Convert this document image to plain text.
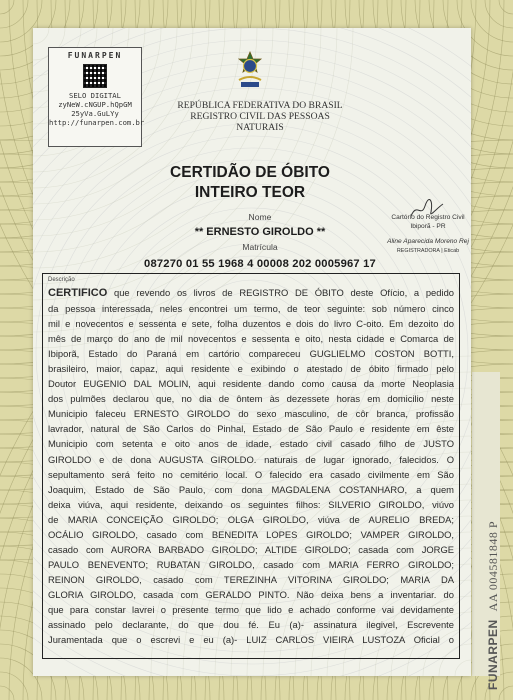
FUNARPEN
SELO DIGITAL
zyNeW.cNGUP.hQpGM
25yVa.GuLYy
http://funarpen.com.br
REPÚBLICA FEDERATIVA DO BRASIL
REGISTRO CIVIL DAS PESSOAS NATURAIS
CERTIDÃO DE ÓBITO
INTEIRO TEOR
Nome
** ERNESTO GIROLDO **
Matrícula
087270 01 55 1968 4 00008 202 0005967 17
Cartório do Registro Civil
Ibiporã - PR
Aline Aparecida Moreno Rej
REGISTRADORA | Eticab
Descrição
CERTIFICO que revendo os livros de REGISTRO DE ÓBITO deste Ofício, a pedido
da pessoa interessada, neles encontrei um termo, de teor seguinte: sob número cinco
mil e novecentos e sessenta e sete, folha duzentos e dois do livro C-oito. Em dezoito do
mês de março do ano de mil novecentos e sessenta e oito, nesta cidade e Comarca de
Ibiporã, Estado do Paraná em cartório compareceu GUGLIELMO COSTON BOTTI,
brasileiro, maior, capaz, aqui residente e exibindo o atestado de óbito firmado pelo
Doutor EUGENIO DAL MOLIN, aqui residente dando como causa da morte Neoplasia
dos pulmões declarou que, no dia de ôntem às dezessete horas em domicilio neste
Municipio faleceu ERNESTO GIROLDO do sexo masculino, de côr branca, profissão
lavrador, natural de São Carlos do Pinhal, Estado de São Paulo e residente em êste
Municipio com setenta e oito anos de idade, estado civil casado filho de JUSTO
GIROLDO e de dona AUGUSTA GIROLDO. naturais de lugar ignorado, falecidos. O
sepultamento será feito no cemitério local. O falecido era casado civilmente em São
Joaquim, Estado de São Paulo, com dona MAGDALENA COSTANHARO, a quem
deixa viúva, aqui residente, deixando os seguintes filhos: SILVERIO GIROLDO, viúvo
de MARIA CONCEIÇÃO GIROLDO; OLGA GIROLDO, viúva de AURELIO BREDA;
OCÁLIO GIROLDO, casado com BENEDITA LOPES GIROLDO; VAMPER GIROLDO,
casado com AURORA BARBADO GIROLDO; ALTIDE GIROLDO; casada com JORGE
PAULO BENEVENTO; RUBATAN GIROLDO, casado com MARIA FERRO GIROLDO;
REINON GIROLDO, casado com TEREZINHA VITORINA GIROLDO; MARIA DA
GLORIA GIROLDO, casada com GERALDO PINTO. Não deixa bens a inventariar. do
que para constar lavrei o presente termo que lido e achado conforme vai devidamente
assinado pelo declarante, do que dou fé. Eu (a)- assinatura ilegivel, Escrevente
Juramentada que o escrevi e eu (a)- LUIZ CARLOS VIEIRA LUSTOZA Oficial o	FUNARPENAA 004581848 P
